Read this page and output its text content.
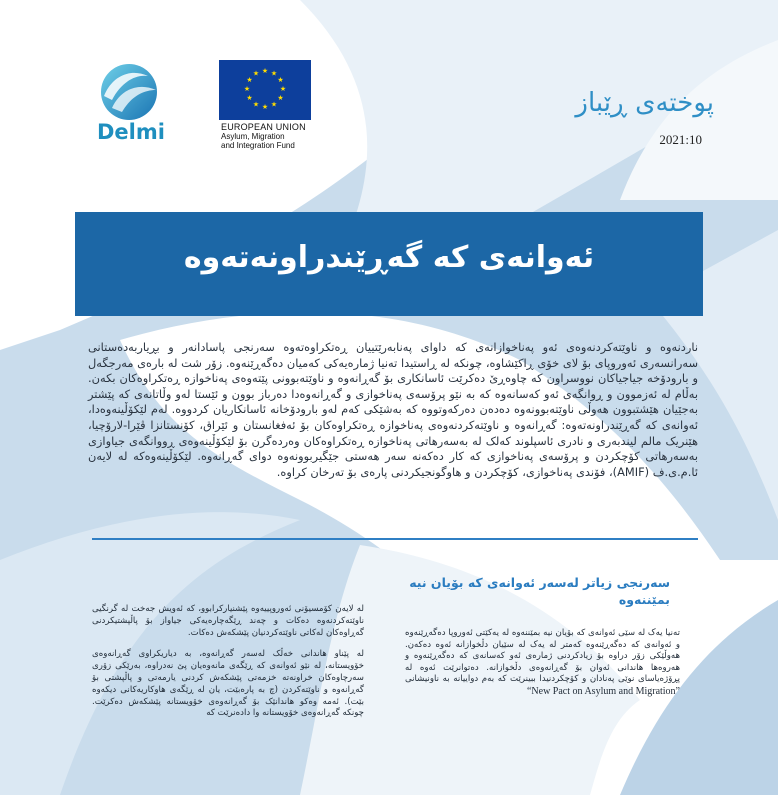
Delmi
★ ★
★
★
★
★
★
★
★
★
★
★
EUROPEAN UNION
Asylum, Migration
and Integration Fund
پوختەی ڕێباز
2021:10
ئەوانەی کە گەڕێندراونەتەوە

ناردنەوە و ناوێتەکردنەوەی ئەو پەناخوازانەی کە داوای پەنابەرێتییان ڕەتکراوەتەوە سەرنجی پاسادانەر و بڕیاربەدەستانی سەرانسەری ئەوروپای بۆ لای خۆی ڕاکێشاوە، چونکە لە ڕاستیدا تەنیا ژمارەیەکی کەمیان دەگەڕێنەوە. زۆر شت لە بارەی مەرجگەل و بارودۆخە جیاجیاکان نووسراون کە چاوەڕێ دەکرێت ئاسانکاری بۆ گەڕانەوە و ناوێتەبوونی پێتەوەی پەناخوازە ڕەتکراوەکان بکەن. بەڵام لە ئەزموون و ڕوانگەی ئەو کەسانەوە کە بە نێو پرۆسەی پەناخوازی و گەڕانەوەدا دەرباز بوون و ئێستا لەو وڵاتانەی کە پێشتر بەجێیان هێشتبوون هەوڵی ناوێتەبوونەوە دەدەن دەرکەوتووە کە بەشێکی کەم لەو بارودۆخانە ئاسانکاریان کردووە. لەم لێکۆڵینەوەدا، ئەوانەی کە گەڕێندراونەتەوە: گەڕانەوە و ناوێتەکردنەوەی پەناخوازە ڕەتکراوەکان بۆ ئەفغانستان و ئێراق، کۆنستانزا ڤێرا-لارۆچیا، هێنریک مالم لیندبەری و نادری ئاسپلوند کەلک لە بەسەرهاتی پەناخوازە ڕەتکراوەکان وەردەگرن بۆ لێکۆڵینەوەی ڕووانگەی جیاوازی بەسەرهاتی کۆچکردن و پرۆسەی پەناخوازی کە کار دەکەنە سەر هەستی جێگیربوونەوە دوای گەڕانەوە. لێکۆڵینەوەکە لە لایەن ئا.م.ی.ف (AMIF)، فۆندی پەناخوازی، کۆچکردن و هاوگونجیکردنی پارەی بۆ تەرخان کراوە.

سەرنجی زیاتر لەسەر ئەوانەی کە بۆیان نیە بمێننەوە
تەنیا یەک لە سێی ئەوانەی کە بۆیان نیە بمێننەوە لە یەکێتی ئەوروپا دەگەڕێنەوە و ئەوانەی کە دەگەڕێنەوە کەمتر لە یەک لە سێیان دڵخوازانە ئەوە دەکەن. هەوڵێکی زۆر دراوە بۆ زیادکردنی ژمارەی ئەو کەسانەی کە دەگەڕێنەوە و هەروەها هاندانی ئەوان بۆ گەڕانەوەی دڵخوازانە. دەتوانرێت ئەوە لە پڕۆژەیاسای نوێی پەنادان و کۆچکردنیدا ببینرێت کە بەم دواییانە بە ناونیشانی “New Pact on Asylum and Migration”

لە لایەن کۆمسیۆنی ئەوروپییەوە پێشنیارکرابوو، کە ئەویش جەخت لە گرنگیی ناوێتەکردنەوە دەکات و چەند ڕێگەچارەیەکی جیاواز بۆ پاڵپشتیکردنی گەڕاوەکان لەکاتی ناوێتەکردنیان پێشکەش دەکات.

لە پێناو هاندانی خەڵک لەسەر گەڕانەوە، بە دیاریکراوی گەڕانەوەی خۆویستانە، لە نێو ئەوانەی کە ڕێگەی مانەوەیان پێ نەدراوە، بەرێکی زۆری سەرچاوەکان خراونەتە خزمەتی پێشکەش کردنی یارمەتی و پاڵپشتی بۆ گەڕانەوە و ناوێتەکردن (چ بە پارەبێت، یان لە ڕێگەی هاوکاریەکانی دیکەوە بێت). ئەمە وەکو هاندانێک بۆ گەڕانەوەی خۆویستانە پێشکەش دەکرێت. چونکە گەڕانەوەی خۆویستانە وا دادەنرێت کە
